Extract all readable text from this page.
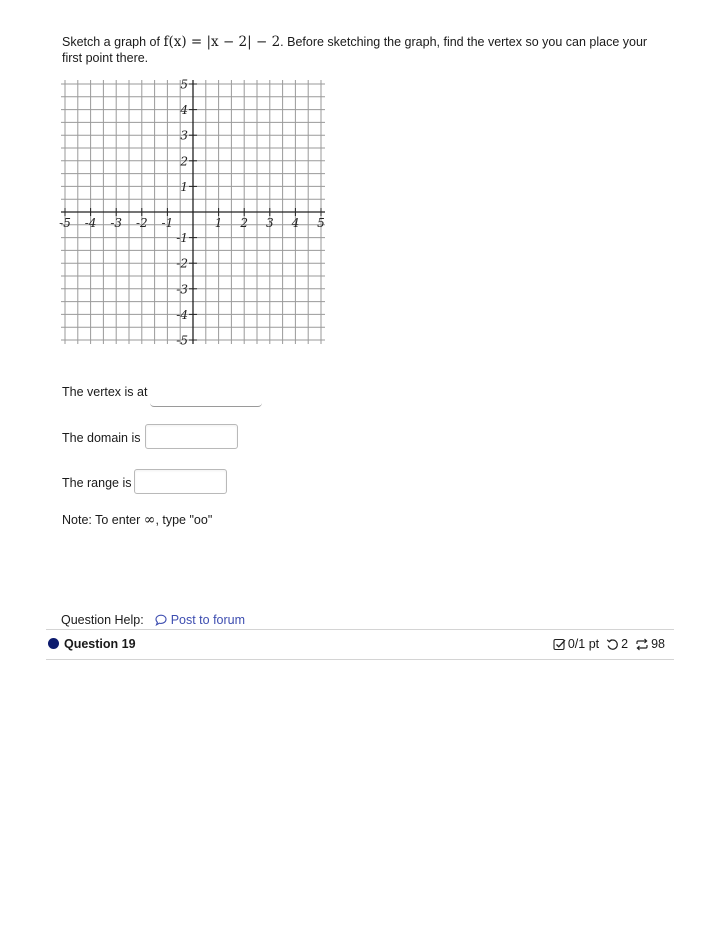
Sketch a graph of f(x) = |x − 2| − 2. Before sketching the graph, find the vertex so you can place your first point there.
-5 -4 -3 -2 -1	1 2 3 4 5
5
4
3
2
1
-1
-2
-3
-4
-5
The vertex is at
The domain is
The range is
Note: To enter ∞, type "oo"
Question Help: Post to forum
Question 19	0/1 pt 2 98
